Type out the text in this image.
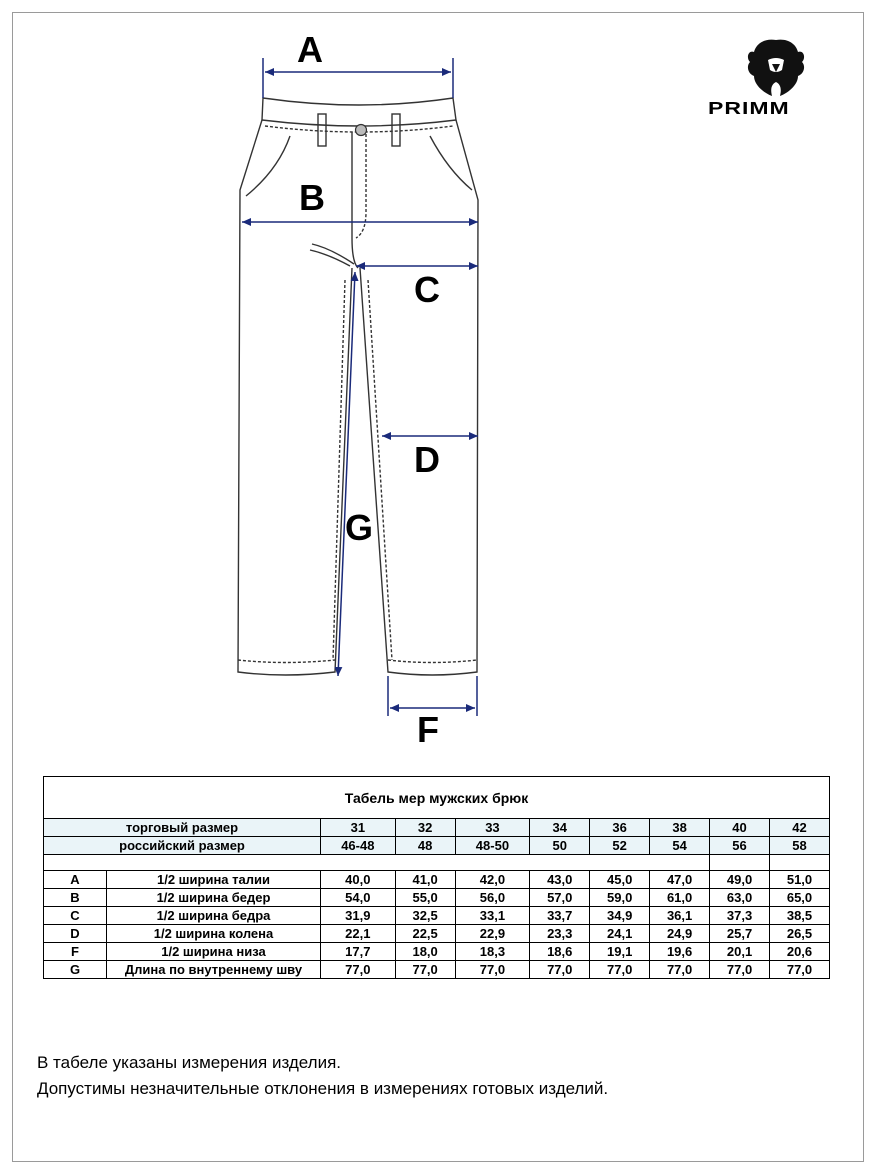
A
B
C
D
G
F
PRIMM
Табель мер мужских брюк									
торговый размер		31	32	33	34	36	38	40	42
российский размер		46-48	48	48-50	50	52	54	56	58

A	1/2 ширина талии	40,0	41,0	42,0	43,0	45,0	47,0	49,0	51,0
B	1/2 ширина бедер	54,0	55,0	56,0	57,0	59,0	61,0	63,0	65,0
C	1/2 ширина бедра	31,9	32,5	33,1	33,7	34,9	36,1	37,3	38,5
D	1/2 ширина колена	22,1	22,5	22,9	23,3	24,1	24,9	25,7	26,5
F	1/2 ширина низа	17,7	18,0	18,3	18,6	19,1	19,6	20,1	20,6
G	Длина по внутреннему шву	77,0	77,0	77,0	77,0	77,0	77,0	77,0	77,0
В табеле указаны измерения изделия.
Допустимы незначительные отклонения в измерениях готовых изделий.
